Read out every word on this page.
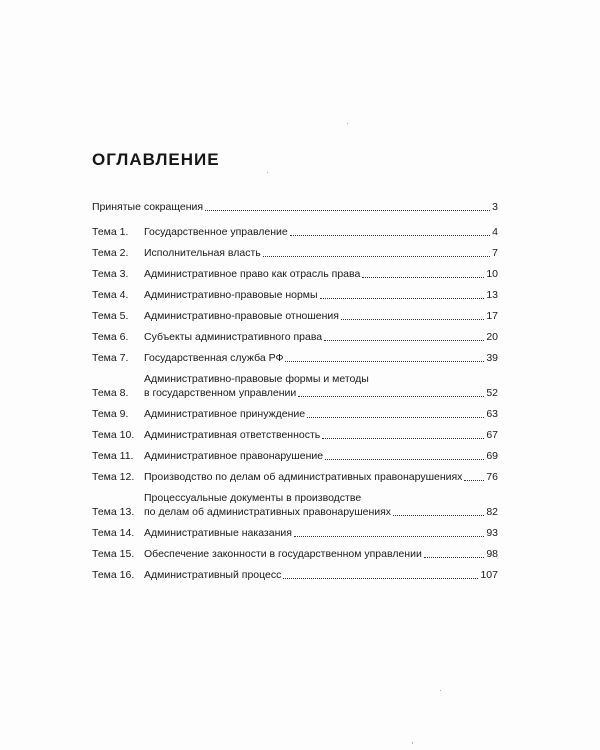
ОГЛАВЛЕНИЕ
Принятые сокращения	3
Тема 1.	Государственное управление	4
Тема 2.	Исполнительная власть	7
Тема 3.	Административное право как отрасль права	10
Тема 4.	Административно-правовые нормы	13
Тема 5.	Административно-правовые отношения	17
Тема 6.	Субъекты административного права	20
Тема 7.	Государственная служба РФ	39
Тема 8.
Административно-правовые формы и методы
в государственном управлении	52
Тема 9.	Административное принуждение	63
Тема 10. Административная ответственность	67
Тема 11.	Административное правонарушение	69
Тема 12. Производство по делам об административных правонарушениях 76
Тема 13.
Процессуальные документы в производстве
по делам об административных правонарушениях	82
Тема 14. Административные наказания	93
Тема 15. Обеспечение законности в государственном управлении	98
Тема 16. Административный процесс	107
